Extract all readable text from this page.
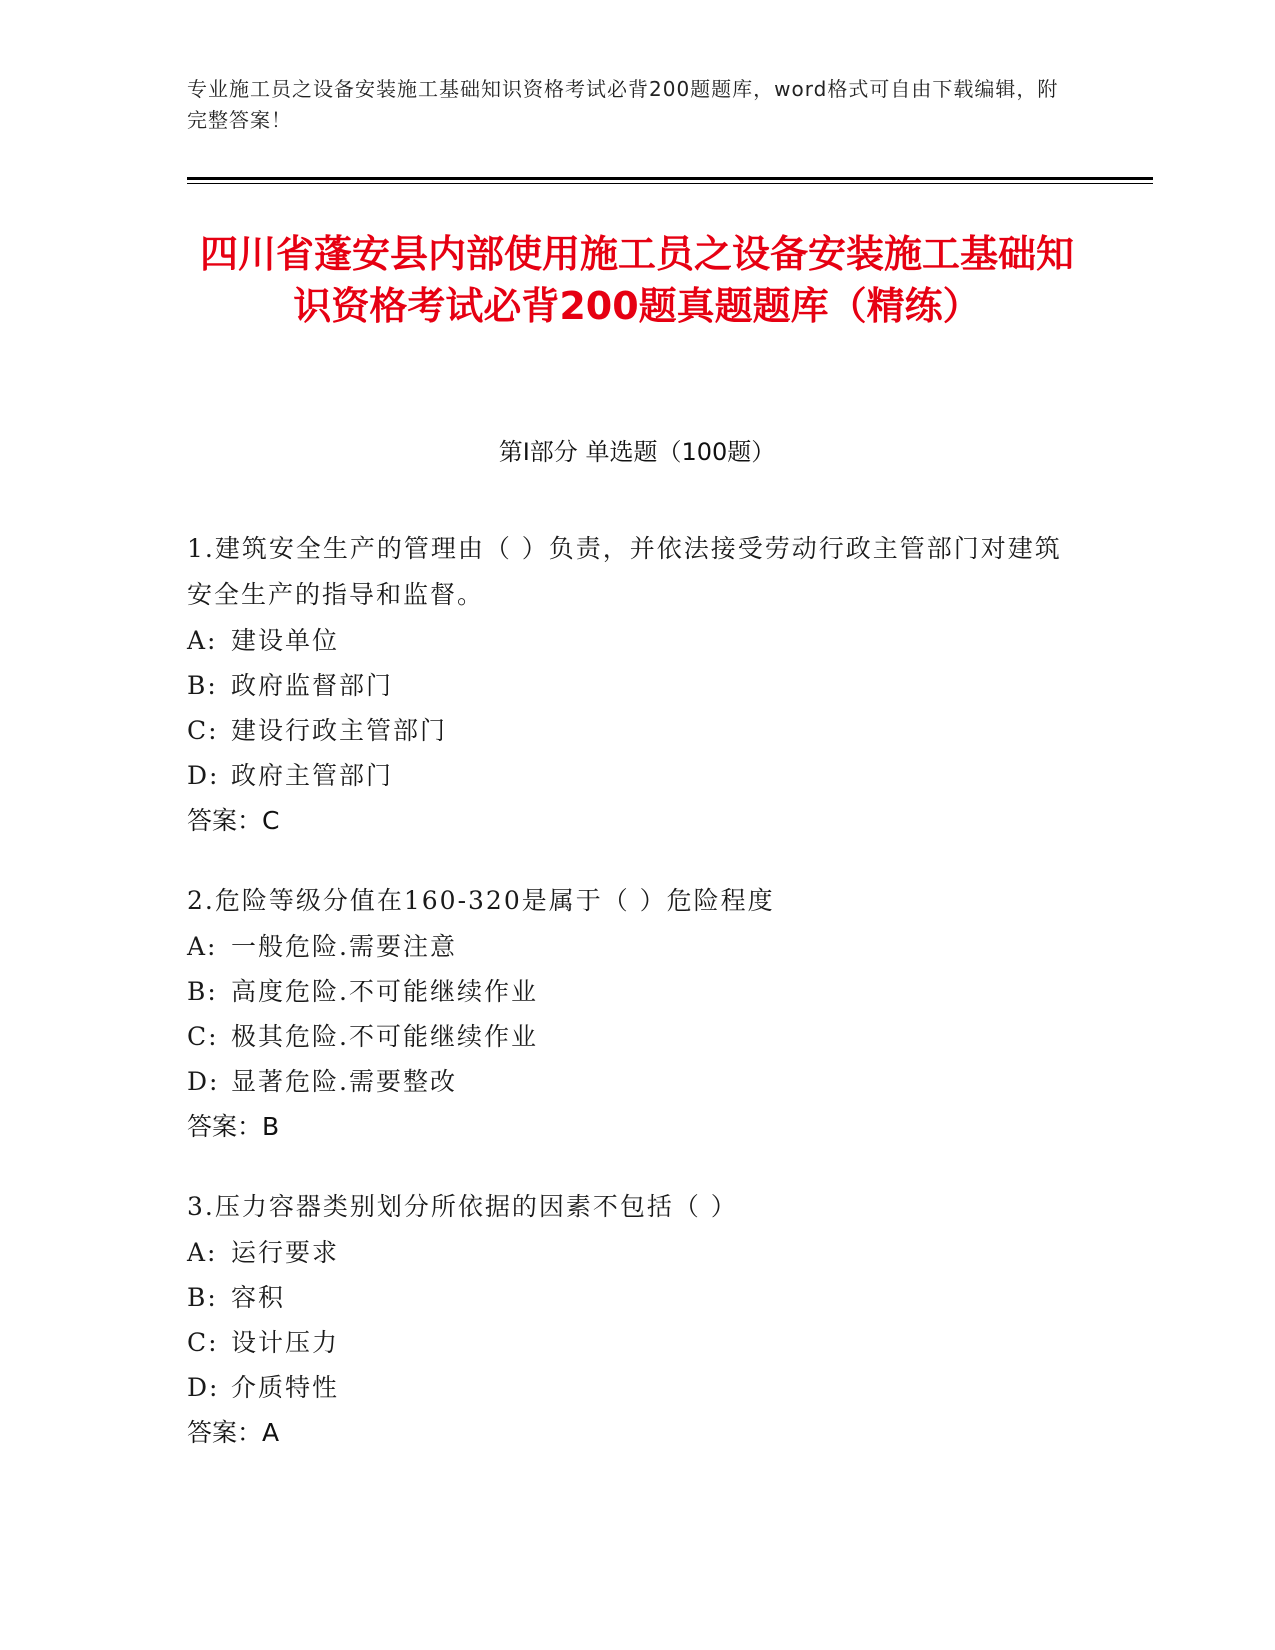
专业施工员之设备安装施工基础知识资格考试必背200题题库，word格式可自由下载编辑，附完整答案！
四川省蓬安县内部使用施工员之设备安装施工基础知识资格考试必背200题真题题库（精练）
第I部分 单选题（100题）
1.建筑安全生产的管理由（ ）负责，并依法接受劳动行政主管部门对建筑安全生产的指导和监督。
A: 建设单位
B: 政府监督部门
C: 建设行政主管部门
D: 政府主管部门
答案：C
2.危险等级分值在160-320是属于（ ）危险程度
A: 一般危险.需要注意
B: 高度危险.不可能继续作业
C: 极其危险.不可能继续作业
D: 显著危险.需要整改
答案：B
3.压力容器类别划分所依据的因素不包括（ ）
A: 运行要求
B: 容积
C: 设计压力
D: 介质特性
答案：A
